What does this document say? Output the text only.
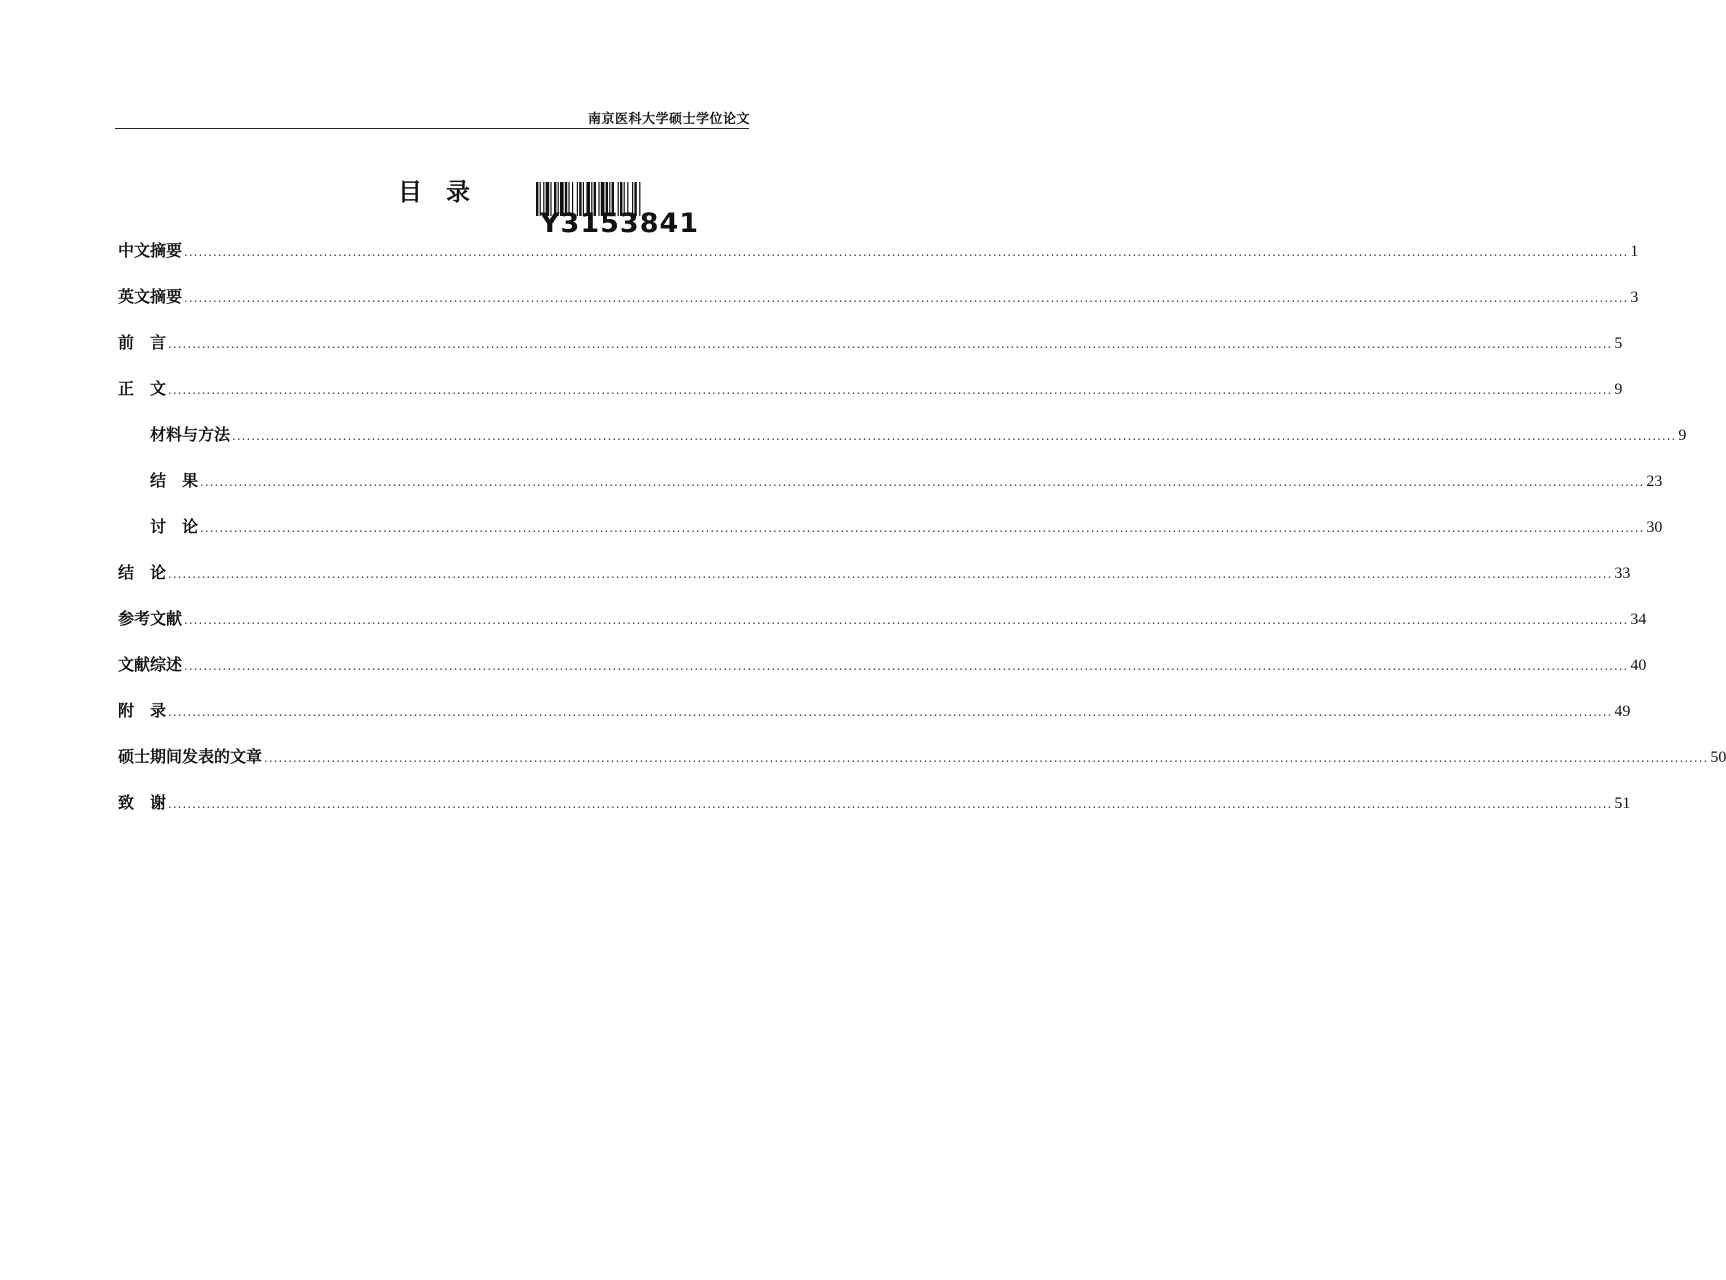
南京医科大学硕士学位论文
目录
Y3153841
中文摘要 ............................................................................................................................................................................................................................................................................................................ 1
英文摘要 ............................................................................................................................................................................................................................................................................................................ 3
前　言 ............................................................................................................................................................................................................................................................................................................ 5
正　文 ............................................................................................................................................................................................................................................................................................................ 9
材料与方法 ............................................................................................................................................................................................................................................................................................................ 9
结　果 ............................................................................................................................................................................................................................................................................................................ 23
讨　论 ............................................................................................................................................................................................................................................................................................................ 30
结　论 ............................................................................................................................................................................................................................................................................................................ 33
参考文献 ............................................................................................................................................................................................................................................................................................................ 34
文献综述 ............................................................................................................................................................................................................................................................................................................ 40
附　录 ............................................................................................................................................................................................................................................................................................................ 49
硕士期间发表的文章 ............................................................................................................................................................................................................................................................................................................ 50
致　谢 ............................................................................................................................................................................................................................................................................................................ 51
